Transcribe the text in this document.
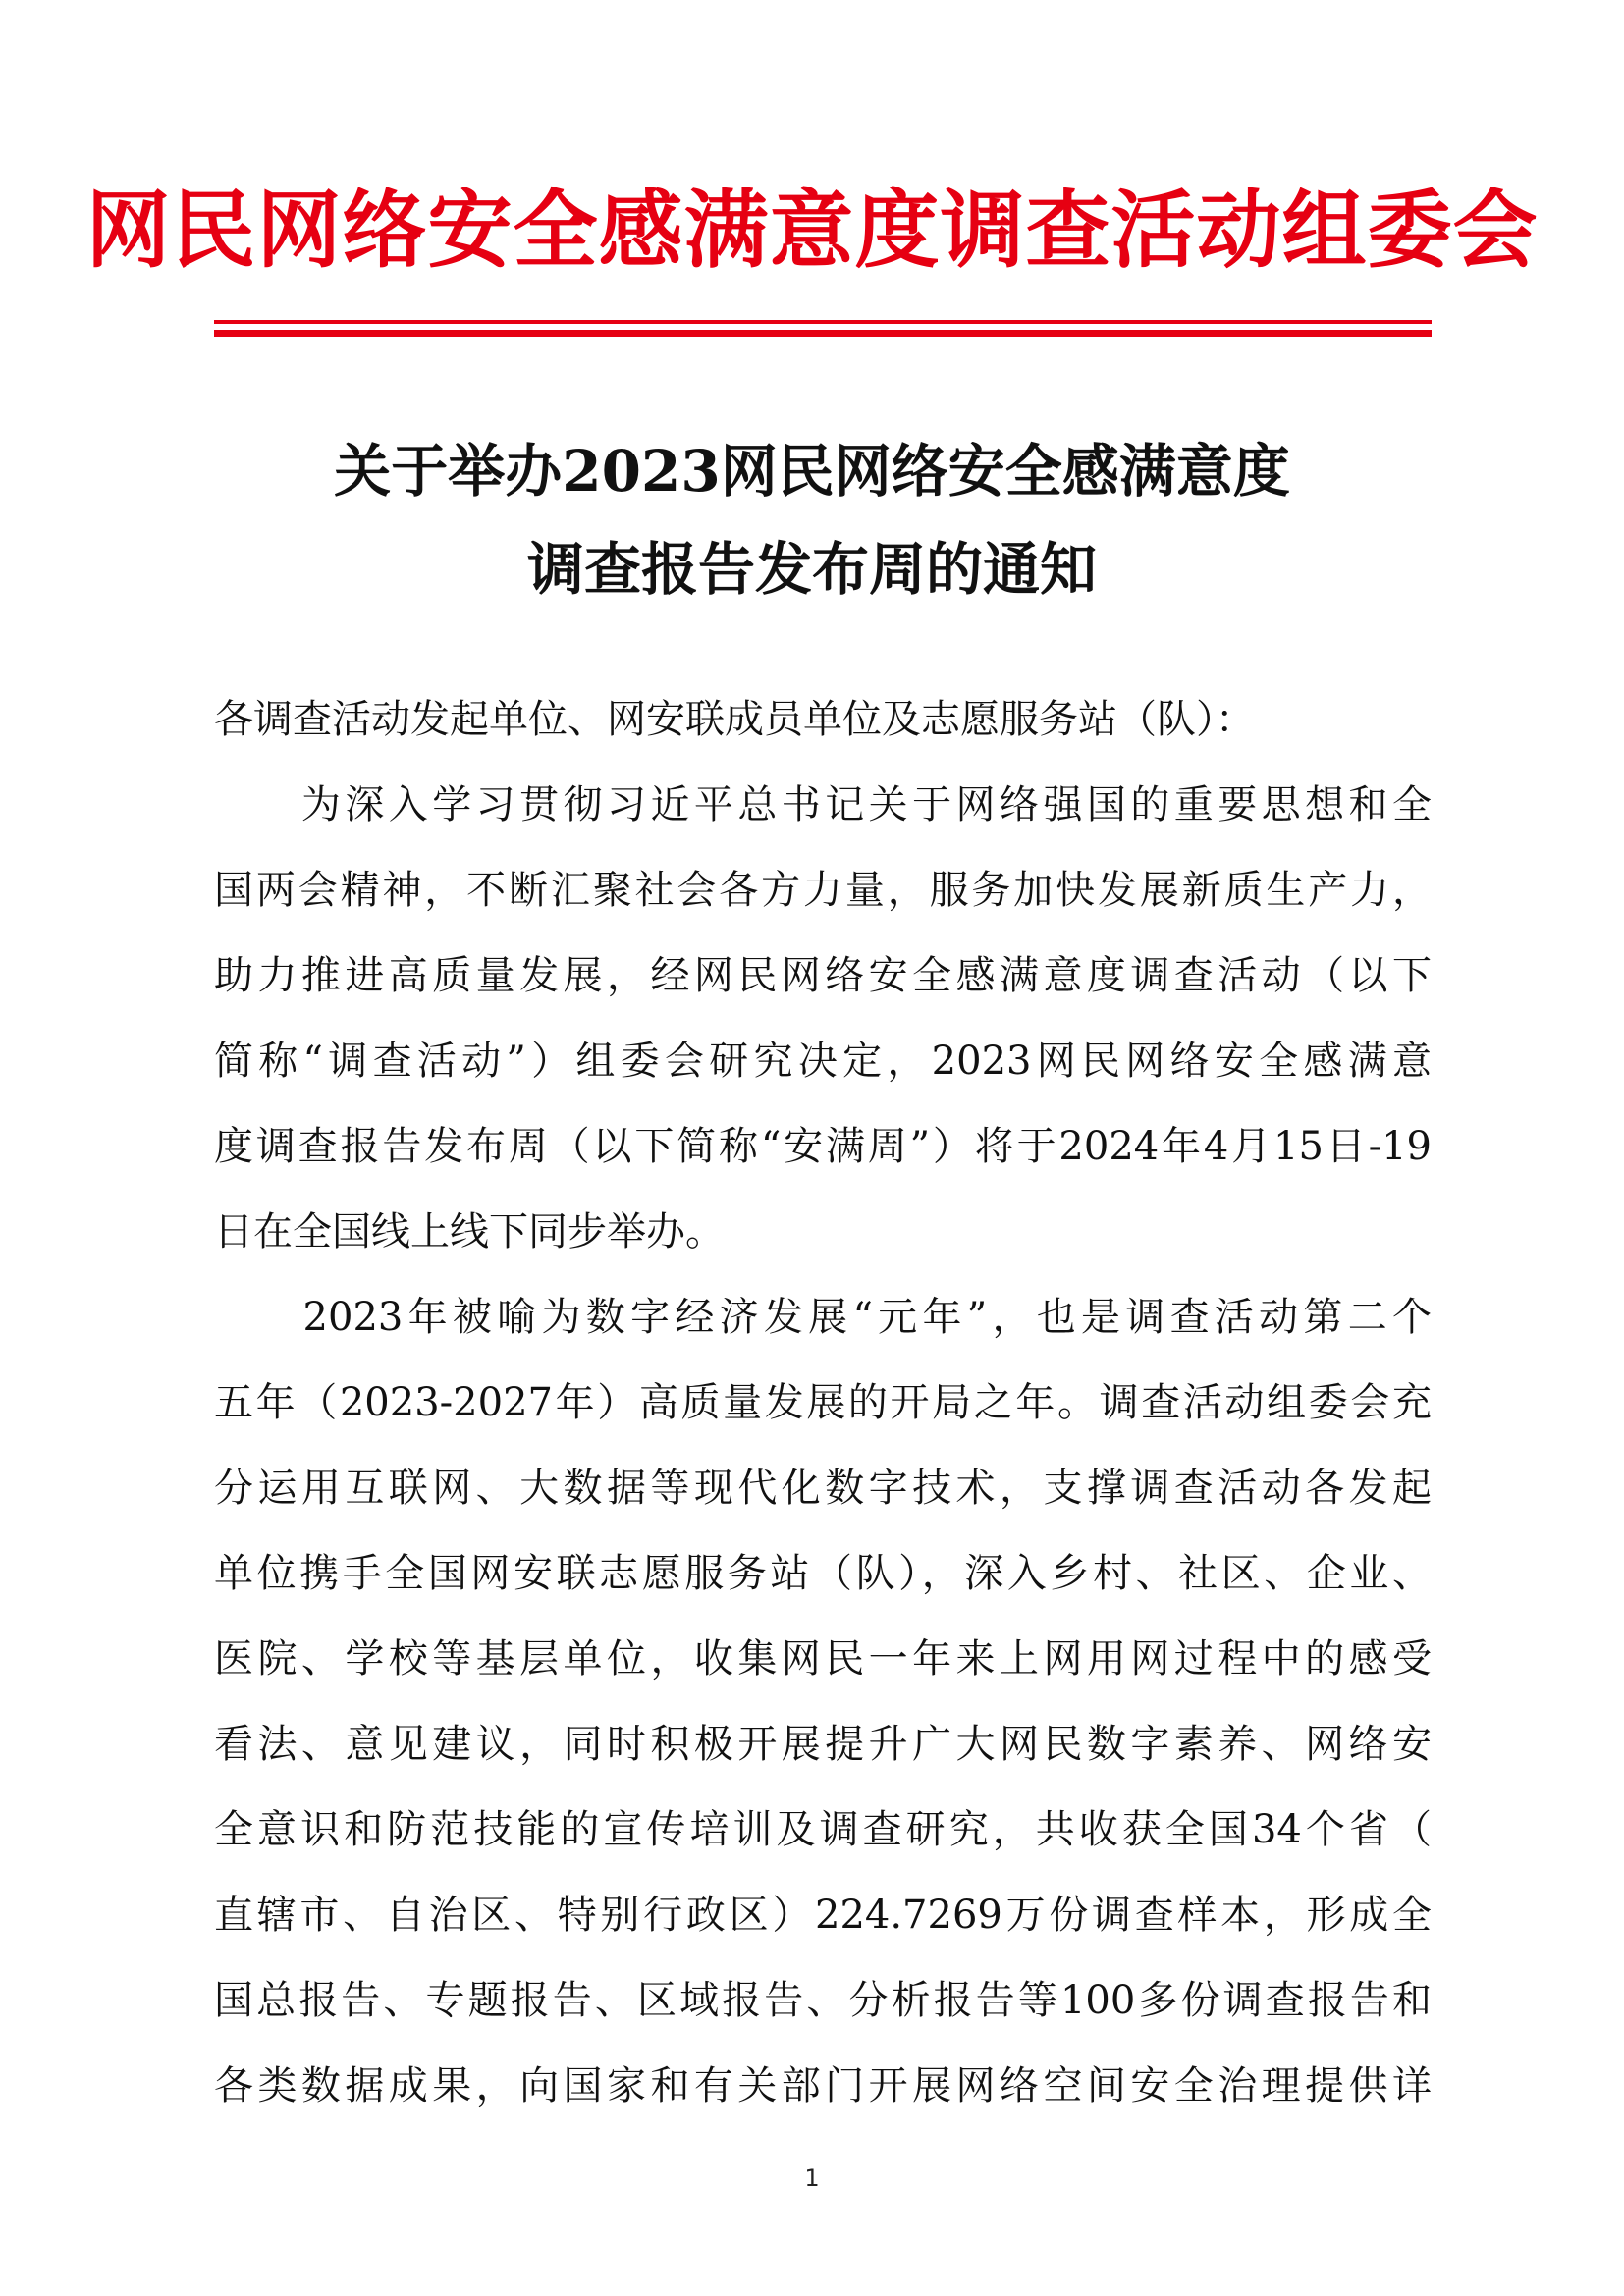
网民网络安全感满意度调查活动组委会
关于举办2023网民网络安全感满意度
调查报告发布周的通知
各调查活动发起单位、网安联成员单位及志愿服务站（队）：
　　为深入学习贯彻习近平总书记关于网络强国的重要思想和全
国两会精神，不断汇聚社会各方力量，服务加快发展新质生产力，
助力推进高质量发展，经网民网络安全感满意度调查活动（以下
简称“调查活动”）组委会研究决定，2023网民网络安全感满意
度调查报告发布周（以下简称“安满周”）将于2024年4月15日-19
日在全国线上线下同步举办。
　　2023年被喻为数字经济发展“元年”，也是调查活动第二个
五年（2023-2027年）高质量发展的开局之年。调查活动组委会充
分运用互联网、大数据等现代化数字技术，支撑调查活动各发起
单位携手全国网安联志愿服务站（队），深入乡村、社区、企业、
医院、学校等基层单位，收集网民一年来上网用网过程中的感受
看法、意见建议，同时积极开展提升广大网民数字素养、网络安
全意识和防范技能的宣传培训及调查研究，共收获全国34个省（
直辖市、自治区、特别行政区）224.7269万份调查样本，形成全
国总报告、专题报告、区域报告、分析报告等100多份调查报告和
各类数据成果，向国家和有关部门开展网络空间安全治理提供详
1
